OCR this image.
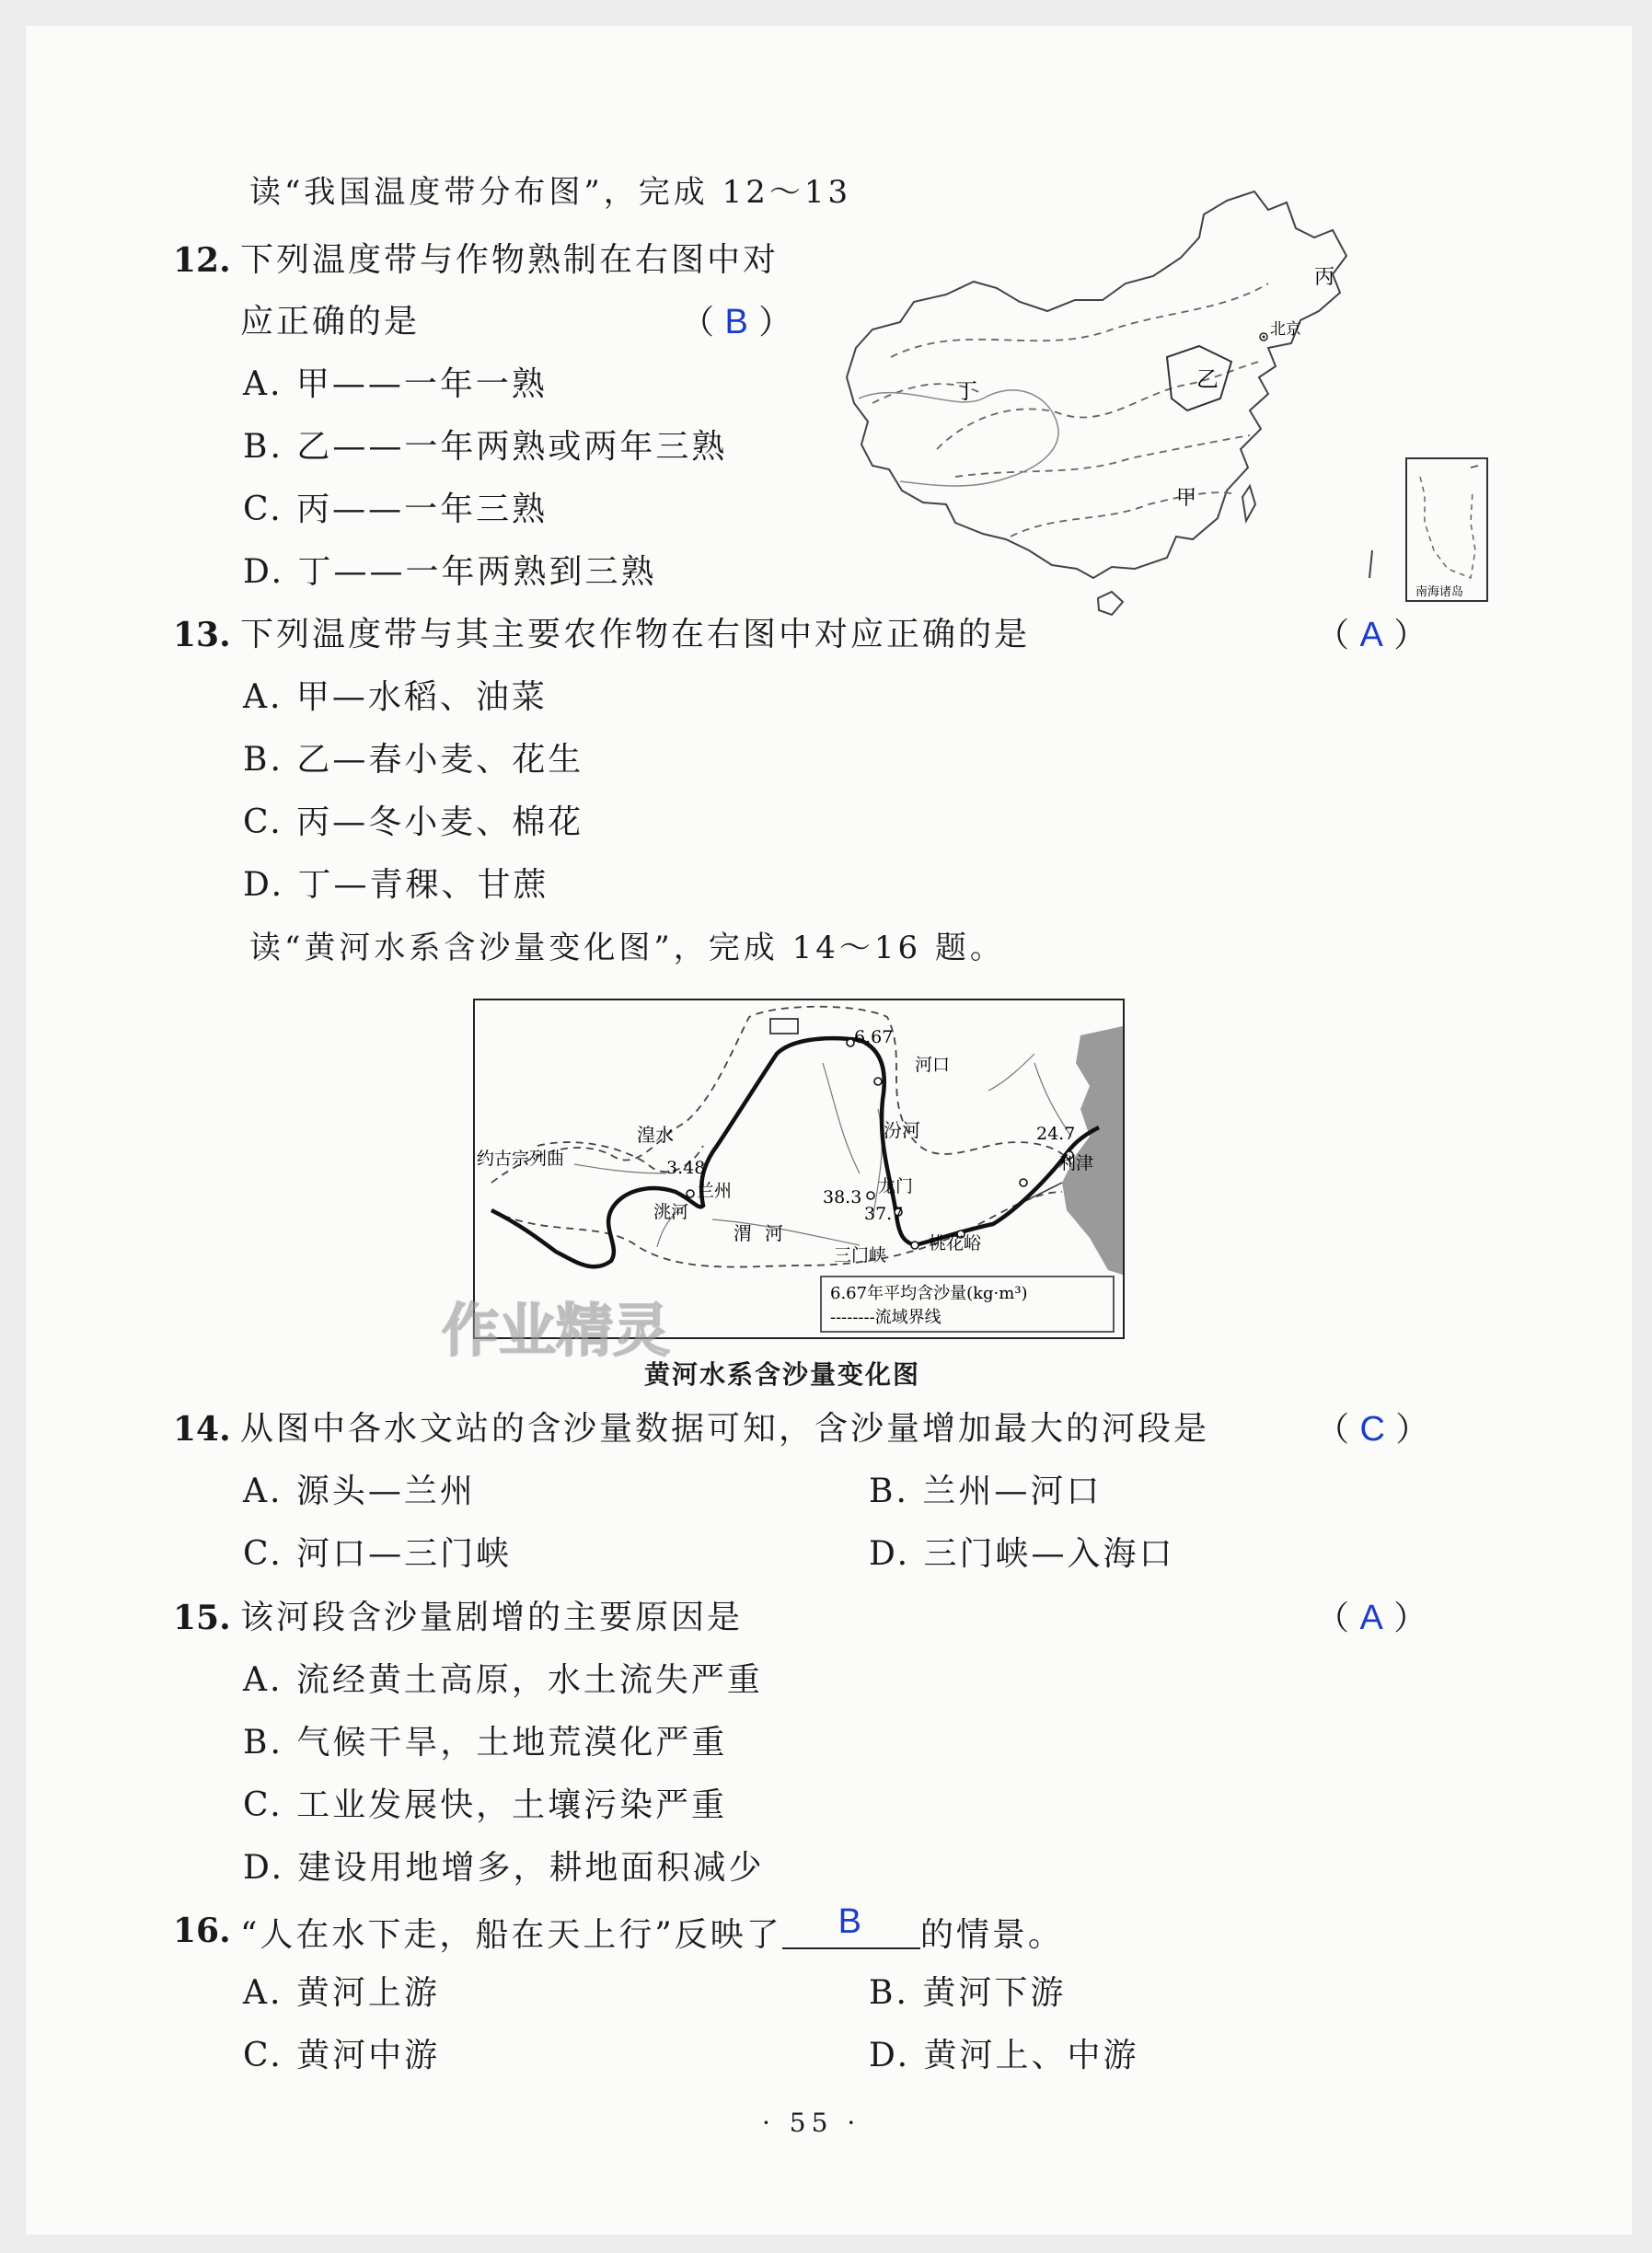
读“我国温度带分布图”，完成 12～13
12. 下列温度带与作物熟制在右图中对
应正确的是	（ B ）
A. 甲——一年一熟
B. 乙——一年两熟或两年三熟
C. 丙——一年三熟
D. 丁——一年两熟到三熟
丙
北京
乙
丁
甲
南海诸岛
13. 下列温度带与其主要农作物在右图中对应正确的是	（ A ）
A. 甲—水稻、油菜
B. 乙—春小麦、花生
C. 丙—冬小麦、棉花
D. 丁—青稞、甘蔗
读“黄河水系含沙量变化图”，完成 14～16 题。
6.67
河口
湟水	汾河
约古宗列曲	3.48
兰州
24.7
利津
龙门
洮河
38.3
37.7
渭河
三门峡
桃花峪
6.67年平均含沙量(kg·m³)
--------流域界线
黄河水系含沙量变化图
14. 从图中各水文站的含沙量数据可知，含沙量增加最大的河段是	（ C ）
A. 源头—兰州	B. 兰州—河口
C. 河口—三门峡	D. 三门峡—入海口
15. 该河段含沙量剧增的主要原因是	（ A ）
A. 流经黄土高原，水土流失严重
B. 气候干旱，土地荒漠化严重
C. 工业发展快，土壤污染严重
D. 建设用地增多，耕地面积减少
16. “人在水下走，船在天上行”反映了	B	的情景。
A. 黄河上游	B. 黄河下游
C. 黄河中游	D. 黄河上、中游
作业精灵
· 55 ·
